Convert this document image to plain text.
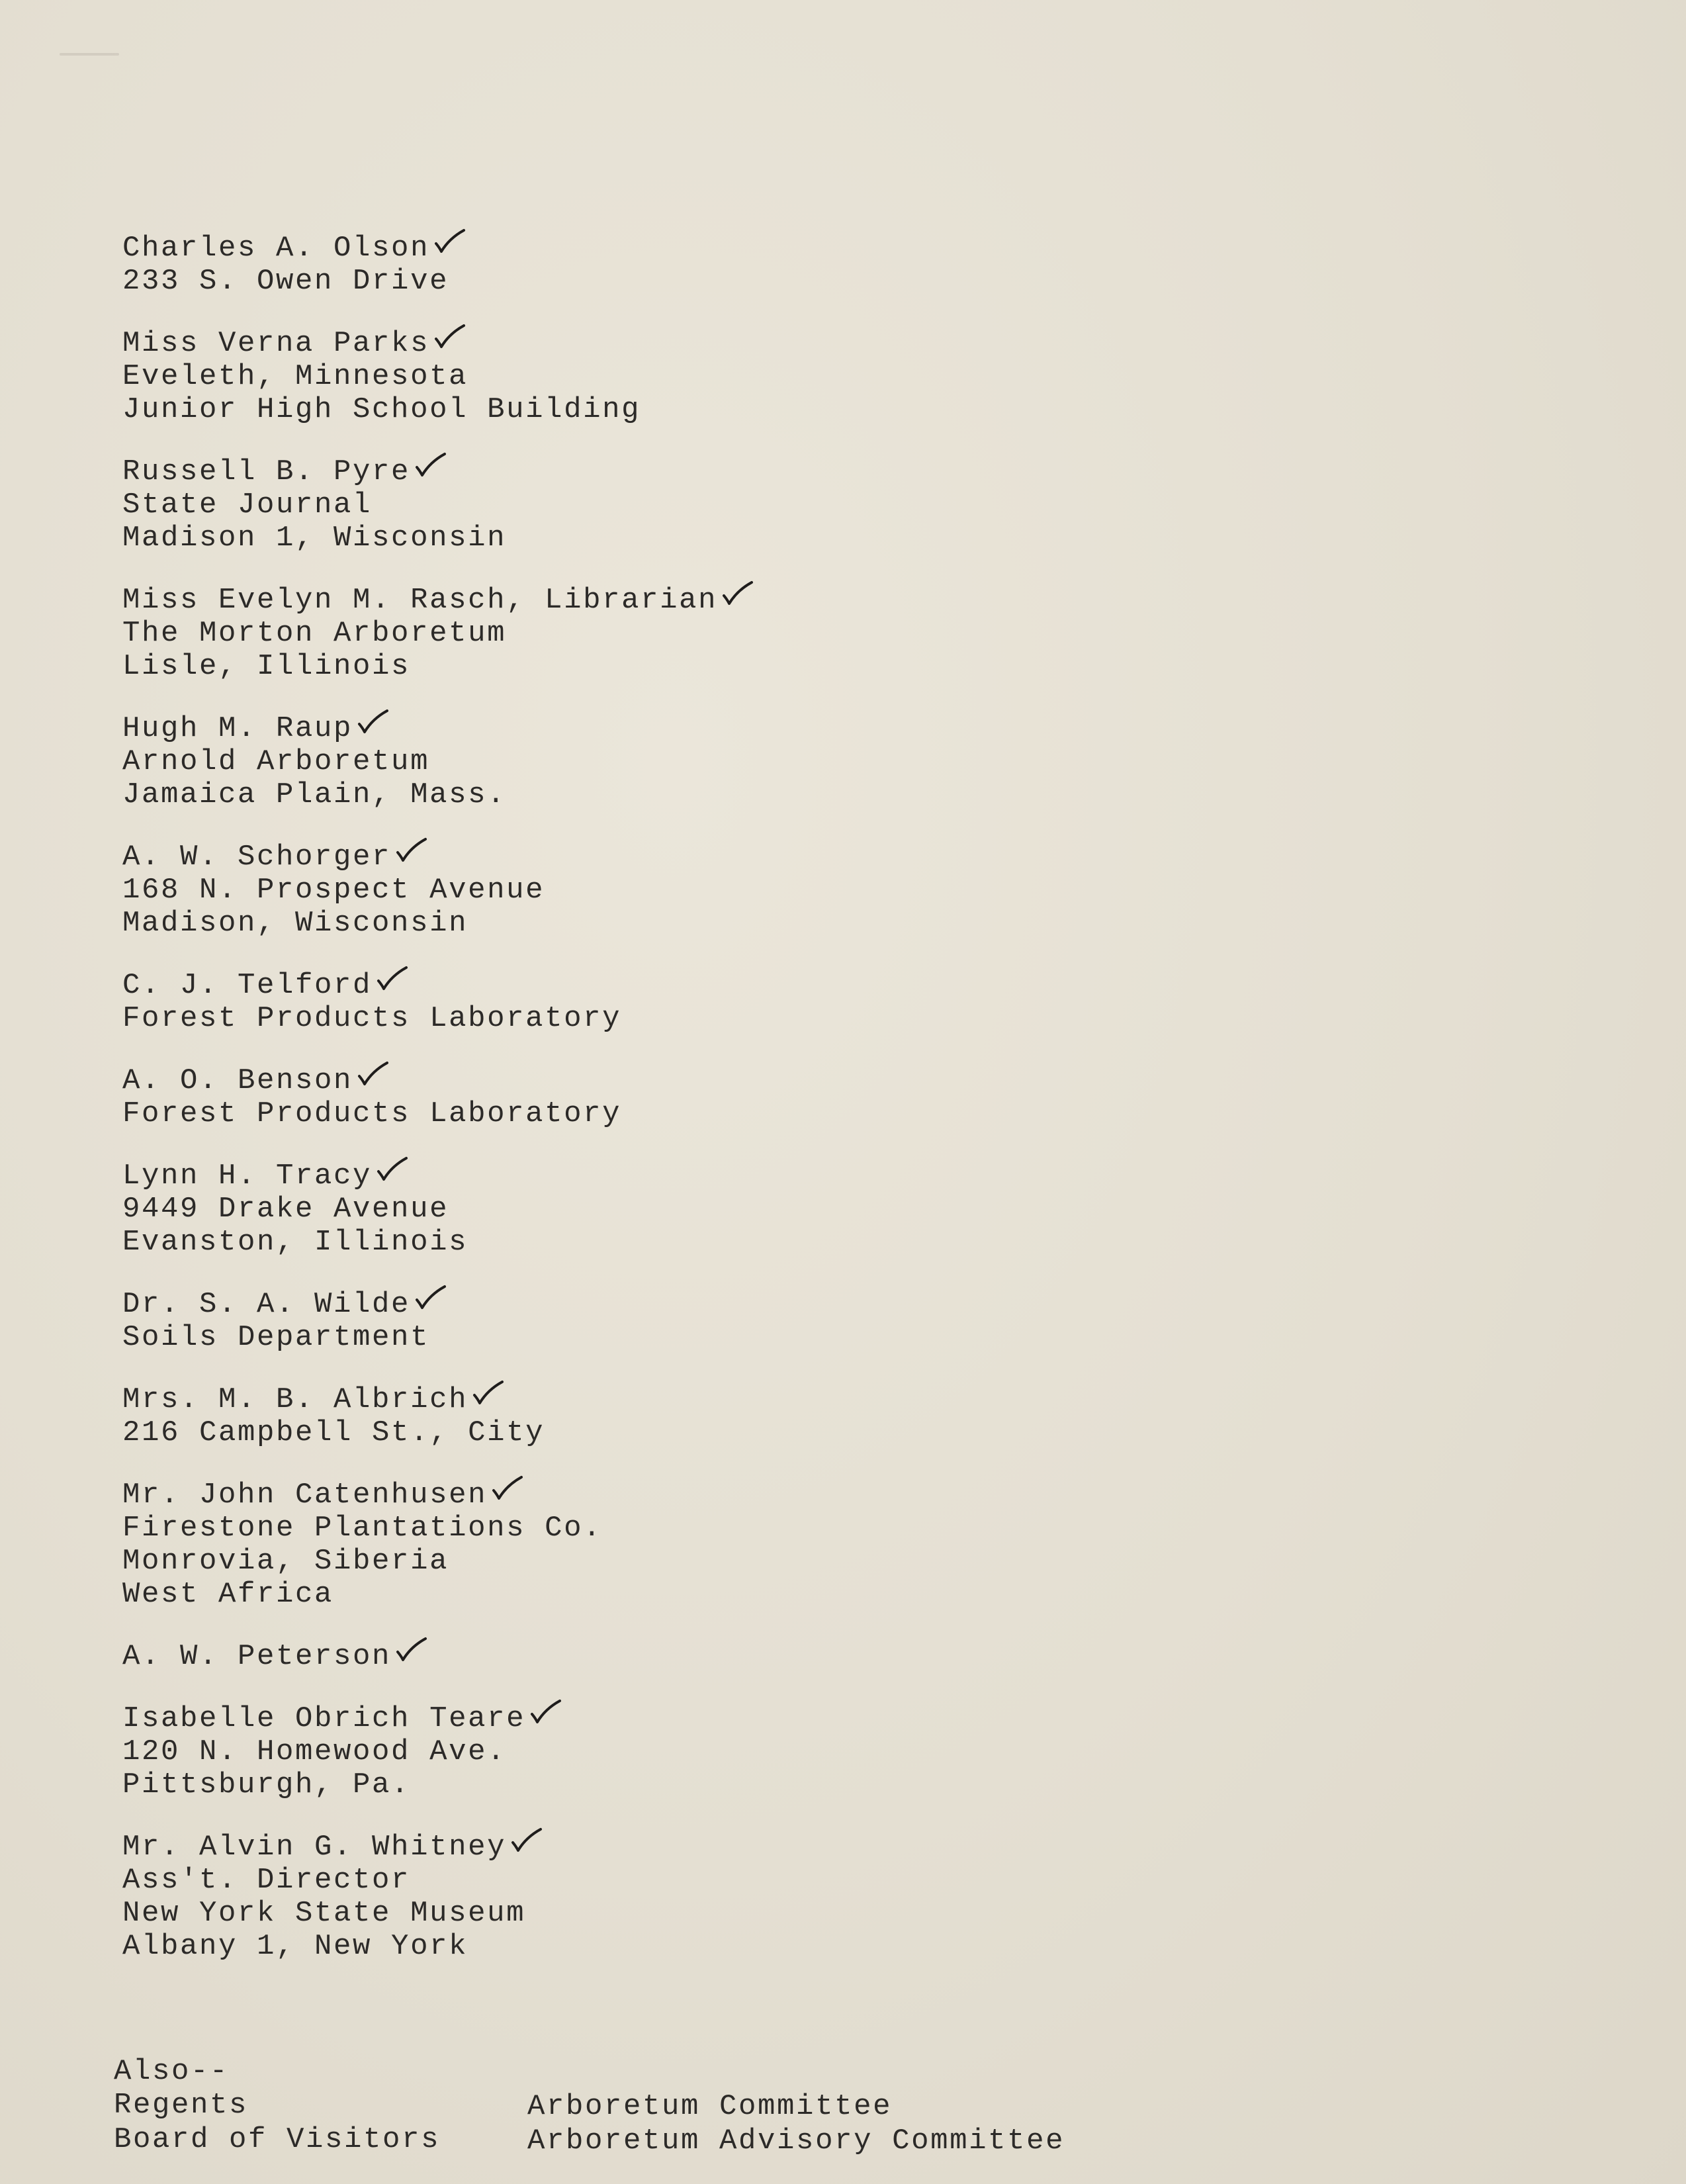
Charles A. Olson
233 S. Owen Drive
Miss Verna Parks
Eveleth, Minnesota
Junior High School Building
Russell B. Pyre
State Journal
Madison 1, Wisconsin
Miss Evelyn M. Rasch, Librarian
The Morton Arboretum
Lisle, Illinois
Hugh M. Raup
Arnold Arboretum
Jamaica Plain, Mass.
A. W. Schorger
168 N. Prospect Avenue
Madison, Wisconsin
C. J. Telford
Forest Products Laboratory
A. O. Benson
Forest Products Laboratory
Lynn H. Tracy
9449 Drake Avenue
Evanston, Illinois
Dr. S. A. Wilde
Soils Department
Mrs. M. B. Albrich
216 Campbell St., City
Mr. John Catenhusen
Firestone Plantations Co.
Monrovia, Siberia
West Africa
A. W. Peterson
Isabelle Obrich Teare
120 N. Homewood Ave.
Pittsburgh, Pa.
Mr. Alvin G. Whitney
Ass't. Director
New York State Museum
Albany 1, New York
Also--
Regents
Board of Visitors
Arboretum Committee
Arboretum Advisory Committee
